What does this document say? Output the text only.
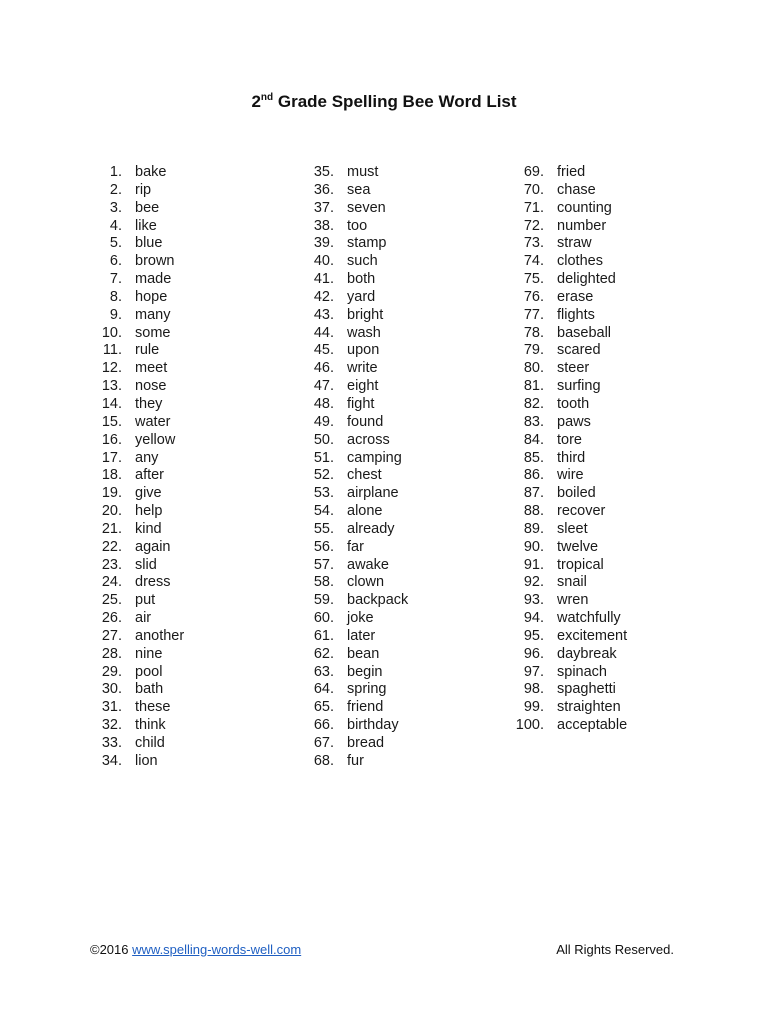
2nd Grade Spelling Bee Word List
1. bake
2. rip
3. bee
4. like
5. blue
6. brown
7. made
8. hope
9. many
10. some
11. rule
12. meet
13. nose
14. they
15. water
16. yellow
17. any
18. after
19. give
20. help
21. kind
22. again
23. slid
24. dress
25. put
26. air
27. another
28. nine
29. pool
30. bath
31. these
32. think
33. child
34. lion
35. must
36. sea
37. seven
38. too
39. stamp
40. such
41. both
42. yard
43. bright
44. wash
45. upon
46. write
47. eight
48. fight
49. found
50. across
51. camping
52. chest
53. airplane
54. alone
55. already
56. far
57. awake
58. clown
59. backpack
60. joke
61. later
62. bean
63. begin
64. spring
65. friend
66. birthday
67. bread
68. fur
69. fried
70. chase
71. counting
72. number
73. straw
74. clothes
75. delighted
76. erase
77. flights
78. baseball
79. scared
80. steer
81. surfing
82. tooth
83. paws
84. tore
85. third
86. wire
87. boiled
88. recover
89. sleet
90. twelve
91. tropical
92. snail
93. wren
94. watchfully
95. excitement
96. daybreak
97. spinach
98. spaghetti
99. straighten
100. acceptable
©2016 www.spelling-words-well.com	All Rights Reserved.
